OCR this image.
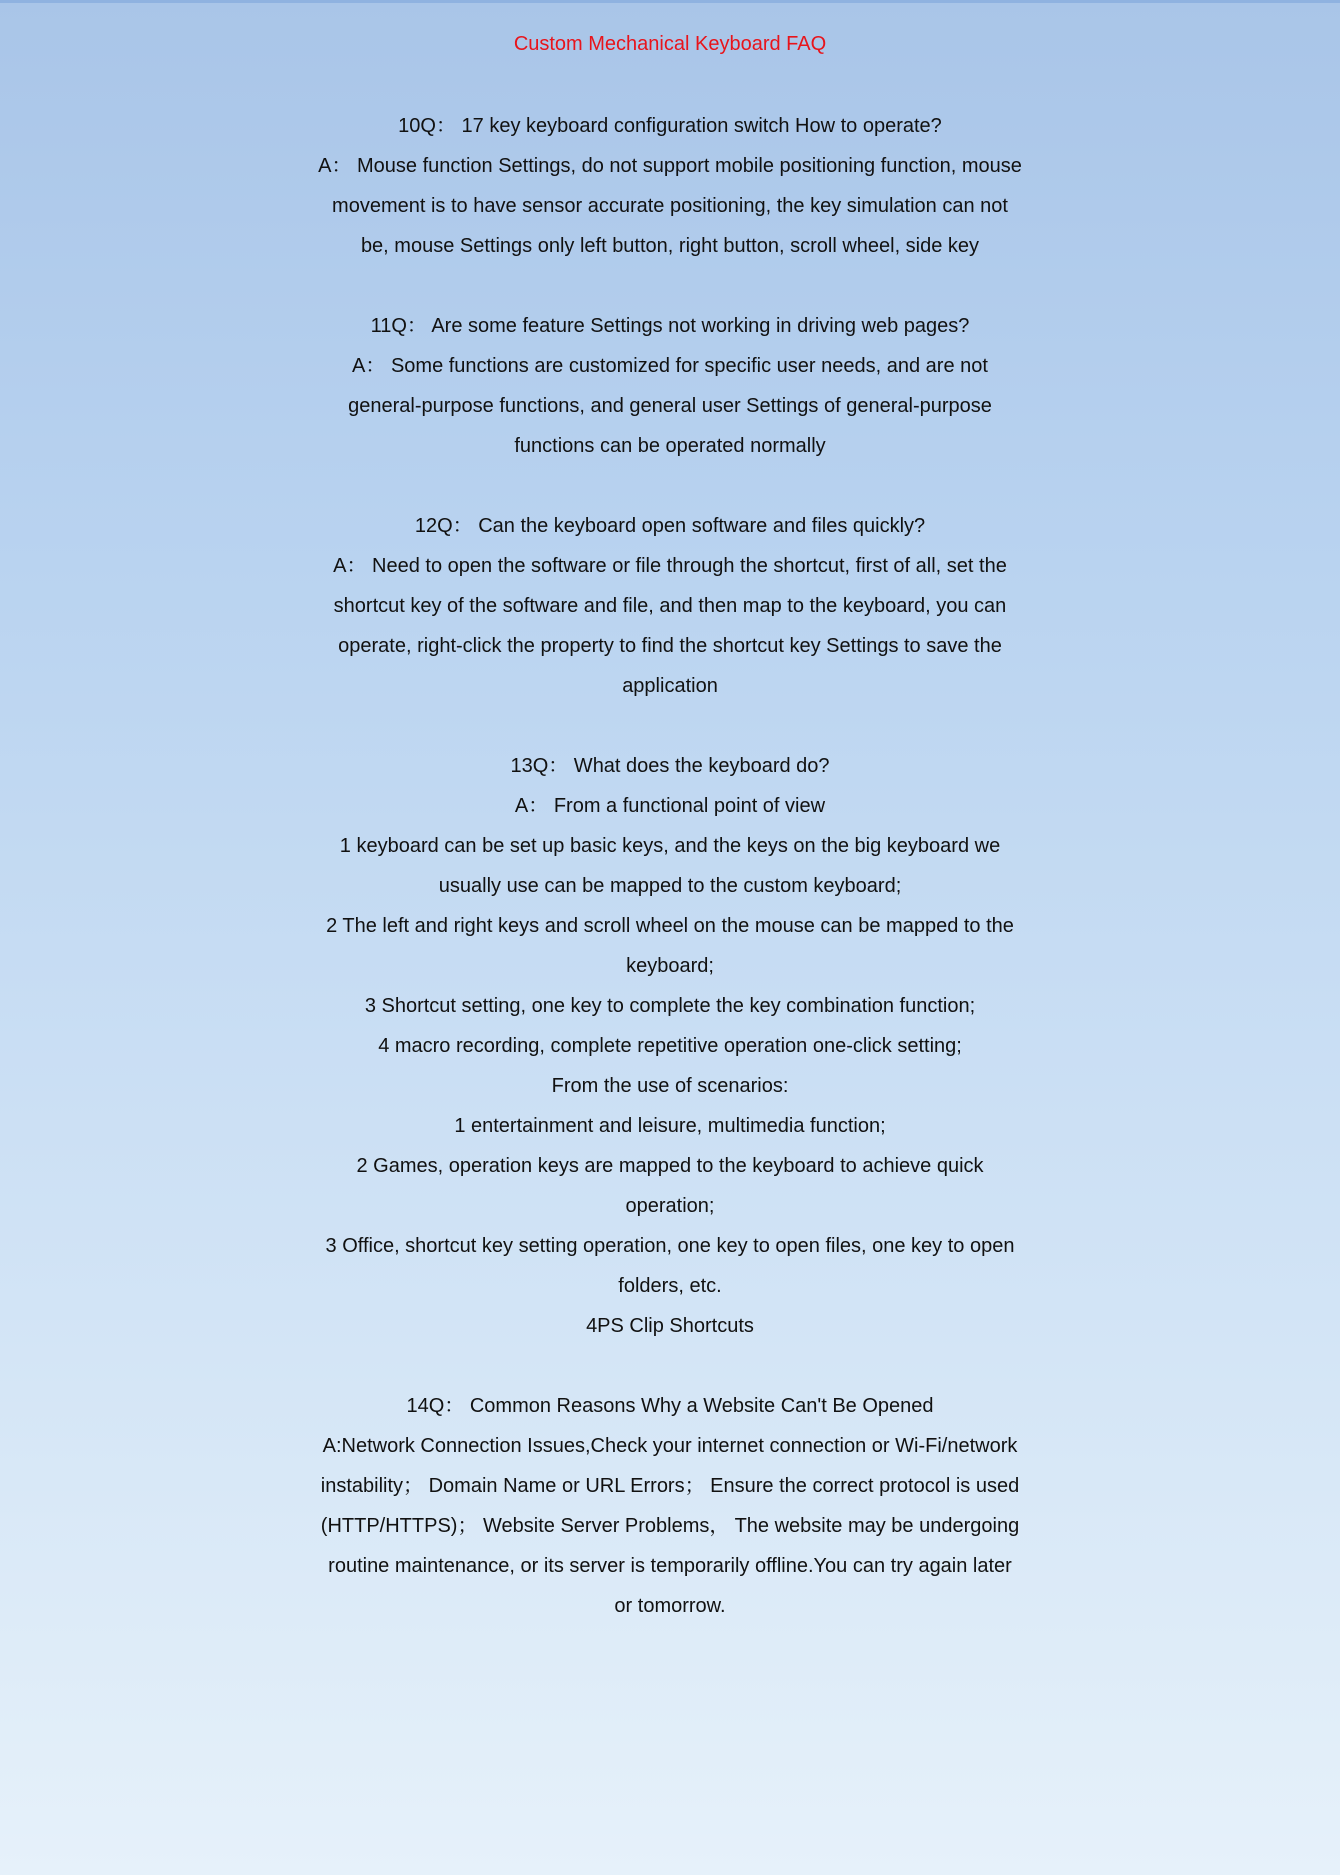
Custom Mechanical Keyboard FAQ
10Q： 17 key keyboard configuration switch How to operate?
A： Mouse function Settings, do not support mobile positioning function, mouse
movement is to have sensor accurate positioning, the key simulation can not
be, mouse Settings only left button, right button, scroll wheel, side key
11Q： Are some feature Settings not working in driving web pages?
A： Some functions are customized for specific user needs, and are not
general-purpose functions, and general user Settings of general-purpose
functions can be operated normally
12Q： Can the keyboard open software and files quickly?
A： Need to open the software or file through the shortcut, first of all, set the
shortcut key of the software and file, and then map to the keyboard, you can
operate, right-click the property to find the shortcut key Settings to save the
application
13Q： What does the keyboard do?
A： From a functional point of view
1 keyboard can be set up basic keys, and the keys on the big keyboard we
usually use can be mapped to the custom keyboard;
2 The left and right keys and scroll wheel on the mouse can be mapped to the
keyboard;
3 Shortcut setting, one key to complete the key combination function;
4 macro recording, complete repetitive operation one-click setting;
From the use of scenarios:
1 entertainment and leisure, multimedia function;
2 Games, operation keys are mapped to the keyboard to achieve quick
operation;
3 Office, shortcut key setting operation, one key to open files, one key to open
folders, etc.
4PS Clip Shortcuts
14Q： Common Reasons Why a Website Can't Be Opened
A:Network Connection Issues,Check your internet connection or Wi-Fi/network
instability； Domain Name or URL Errors； Ensure the correct protocol is used
(HTTP/HTTPS)； Website Server Problems， The website may be undergoing
routine maintenance, or its server is temporarily offline.You can try again later
or tomorrow.
